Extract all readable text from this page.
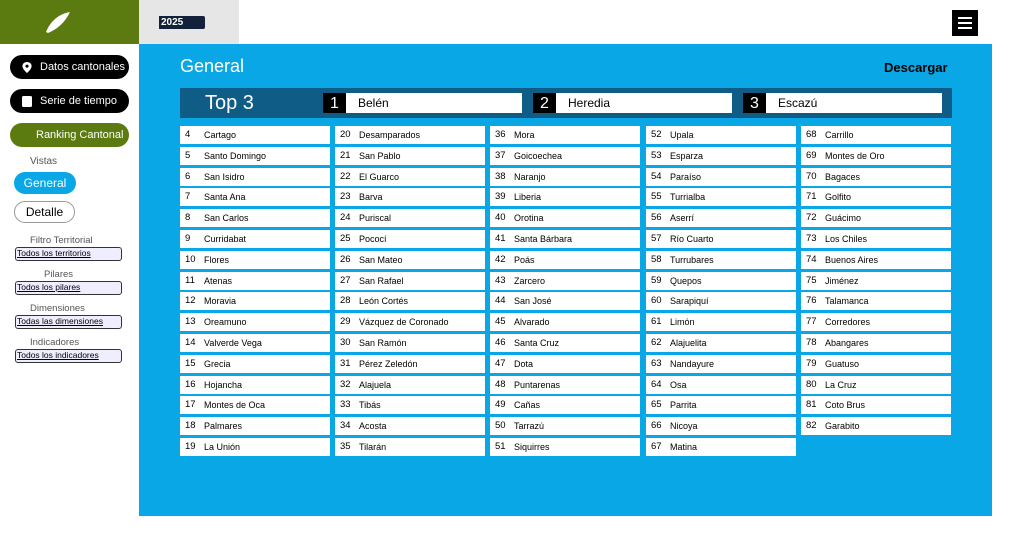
Datos cantonales
Serie de tiempo
Ranking Cantonal
Vistas
General
Detalle
Filtro Territorial
Todos los territorios
Pilares
Todos los pilares
Dimensiones
Todas las dimensiones
Indicadores
Todos los indicadores
2025
General	Descargar
Top 3	1	Belén	2	Heredia	3	Escazú
4 Cartago
5 Santo Domingo
6 San Isidro
7 Santa Ana
8 San Carlos
9 Curridabat
10 Flores
11 Atenas
12 Moravia
13 Oreamuno
14 Valverde Vega
15 Grecia
16 Hojancha
17 Montes de Oca
18 Palmares
19 La Unión
20 Desamparados
21 San Pablo
22 El Guarco
23 Barva
24 Puriscal
25 Pococí
26 San Mateo
27 San Rafael
28 León Cortés
29 Vázquez de Coronado
30 San Ramón
31 Pérez Zeledón
32 Alajuela
33 Tibás
34 Acosta
35 Tilarán
36 Mora
37 Goicoechea
38 Naranjo
39 Liberia
40 Orotina
41 Santa Bárbara
42 Poás
43 Zarcero
44 San José
45 Alvarado
46 Santa Cruz
47 Dota
48 Puntarenas
49 Cañas
50 Tarrazú
51 Siquirres
52 Upala
53 Esparza
54 Paraíso
55 Turrialba
56 Aserrí
57 Río Cuarto
58 Turrubares
59 Quepos
60 Sarapiquí
61 Limón
62 Alajuelita
63 Nandayure
64 Osa
65 Parrita
66 Nicoya
67 Matina
68 Carrillo
69 Montes de Oro
70 Bagaces
71 Golfito
72 Guácimo
73 Los Chiles
74 Buenos Aires
75 Jiménez
76 Talamanca
77 Corredores
78 Abangares
79 Guatuso
80 La Cruz
81 Coto Brus
82 Garabito
